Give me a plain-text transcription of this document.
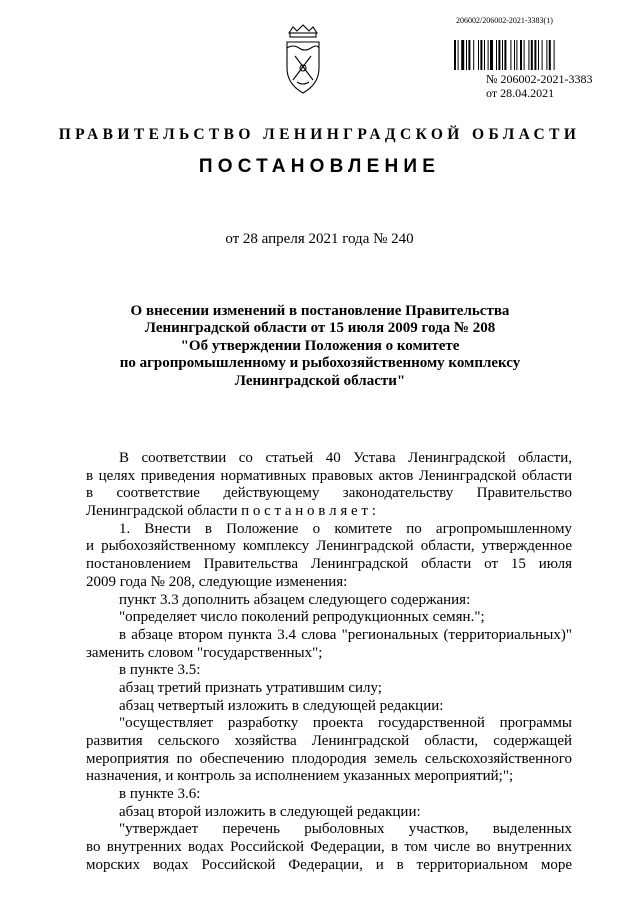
206002/206002-2021-3383(1)
№ 206002-2021-3383
от 28.04.2021
ПРАВИТЕЛЬСТВО ЛЕНИНГРАДСКОЙ ОБЛАСТИ
ПОСТАНОВЛЕНИЕ
от 28 апреля 2021 года № 240
О внесении изменений в постановление Правительства
Ленинградской области от 15 июля 2009 года № 208
"Об утверждении Положения о комитете
по агропромышленному и рыбохозяйственному комплексу
Ленинградской области"
В соответствии со статьей 40 Устава Ленинградской области,
в целях приведения нормативных правовых актов Ленинградской области
в соответствие действующему законодательству Правительство
Ленинградской области п о с т а н о в л я е т :
1. Внести в Положение о комитете по агропромышленному
и рыбохозяйственному комплексу Ленинградской области, утвержденное
постановлением Правительства Ленинградской области от 15 июля
2009 года № 208, следующие изменения:
пункт 3.3 дополнить абзацем следующего содержания:
"определяет число поколений репродукционных семян.";
в абзаце втором пункта 3.4 слова "региональных (территориальных)"
заменить словом "государственных";
в пункте 3.5:
абзац третий признать утратившим силу;
абзац четвертый изложить в следующей редакции:
"осуществляет разработку проекта государственной программы
развития сельского хозяйства Ленинградской области, содержащей
мероприятия по обеспечению плодородия земель сельскохозяйственного
назначения, и контроль за исполнением указанных мероприятий;";
в пункте 3.6:
абзац второй изложить в следующей редакции:
"утверждает перечень рыболовных участков, выделенных
во внутренних водах Российской Федерации, в том числе во внутренних
морских водах Российской Федерации, и в территориальном море
